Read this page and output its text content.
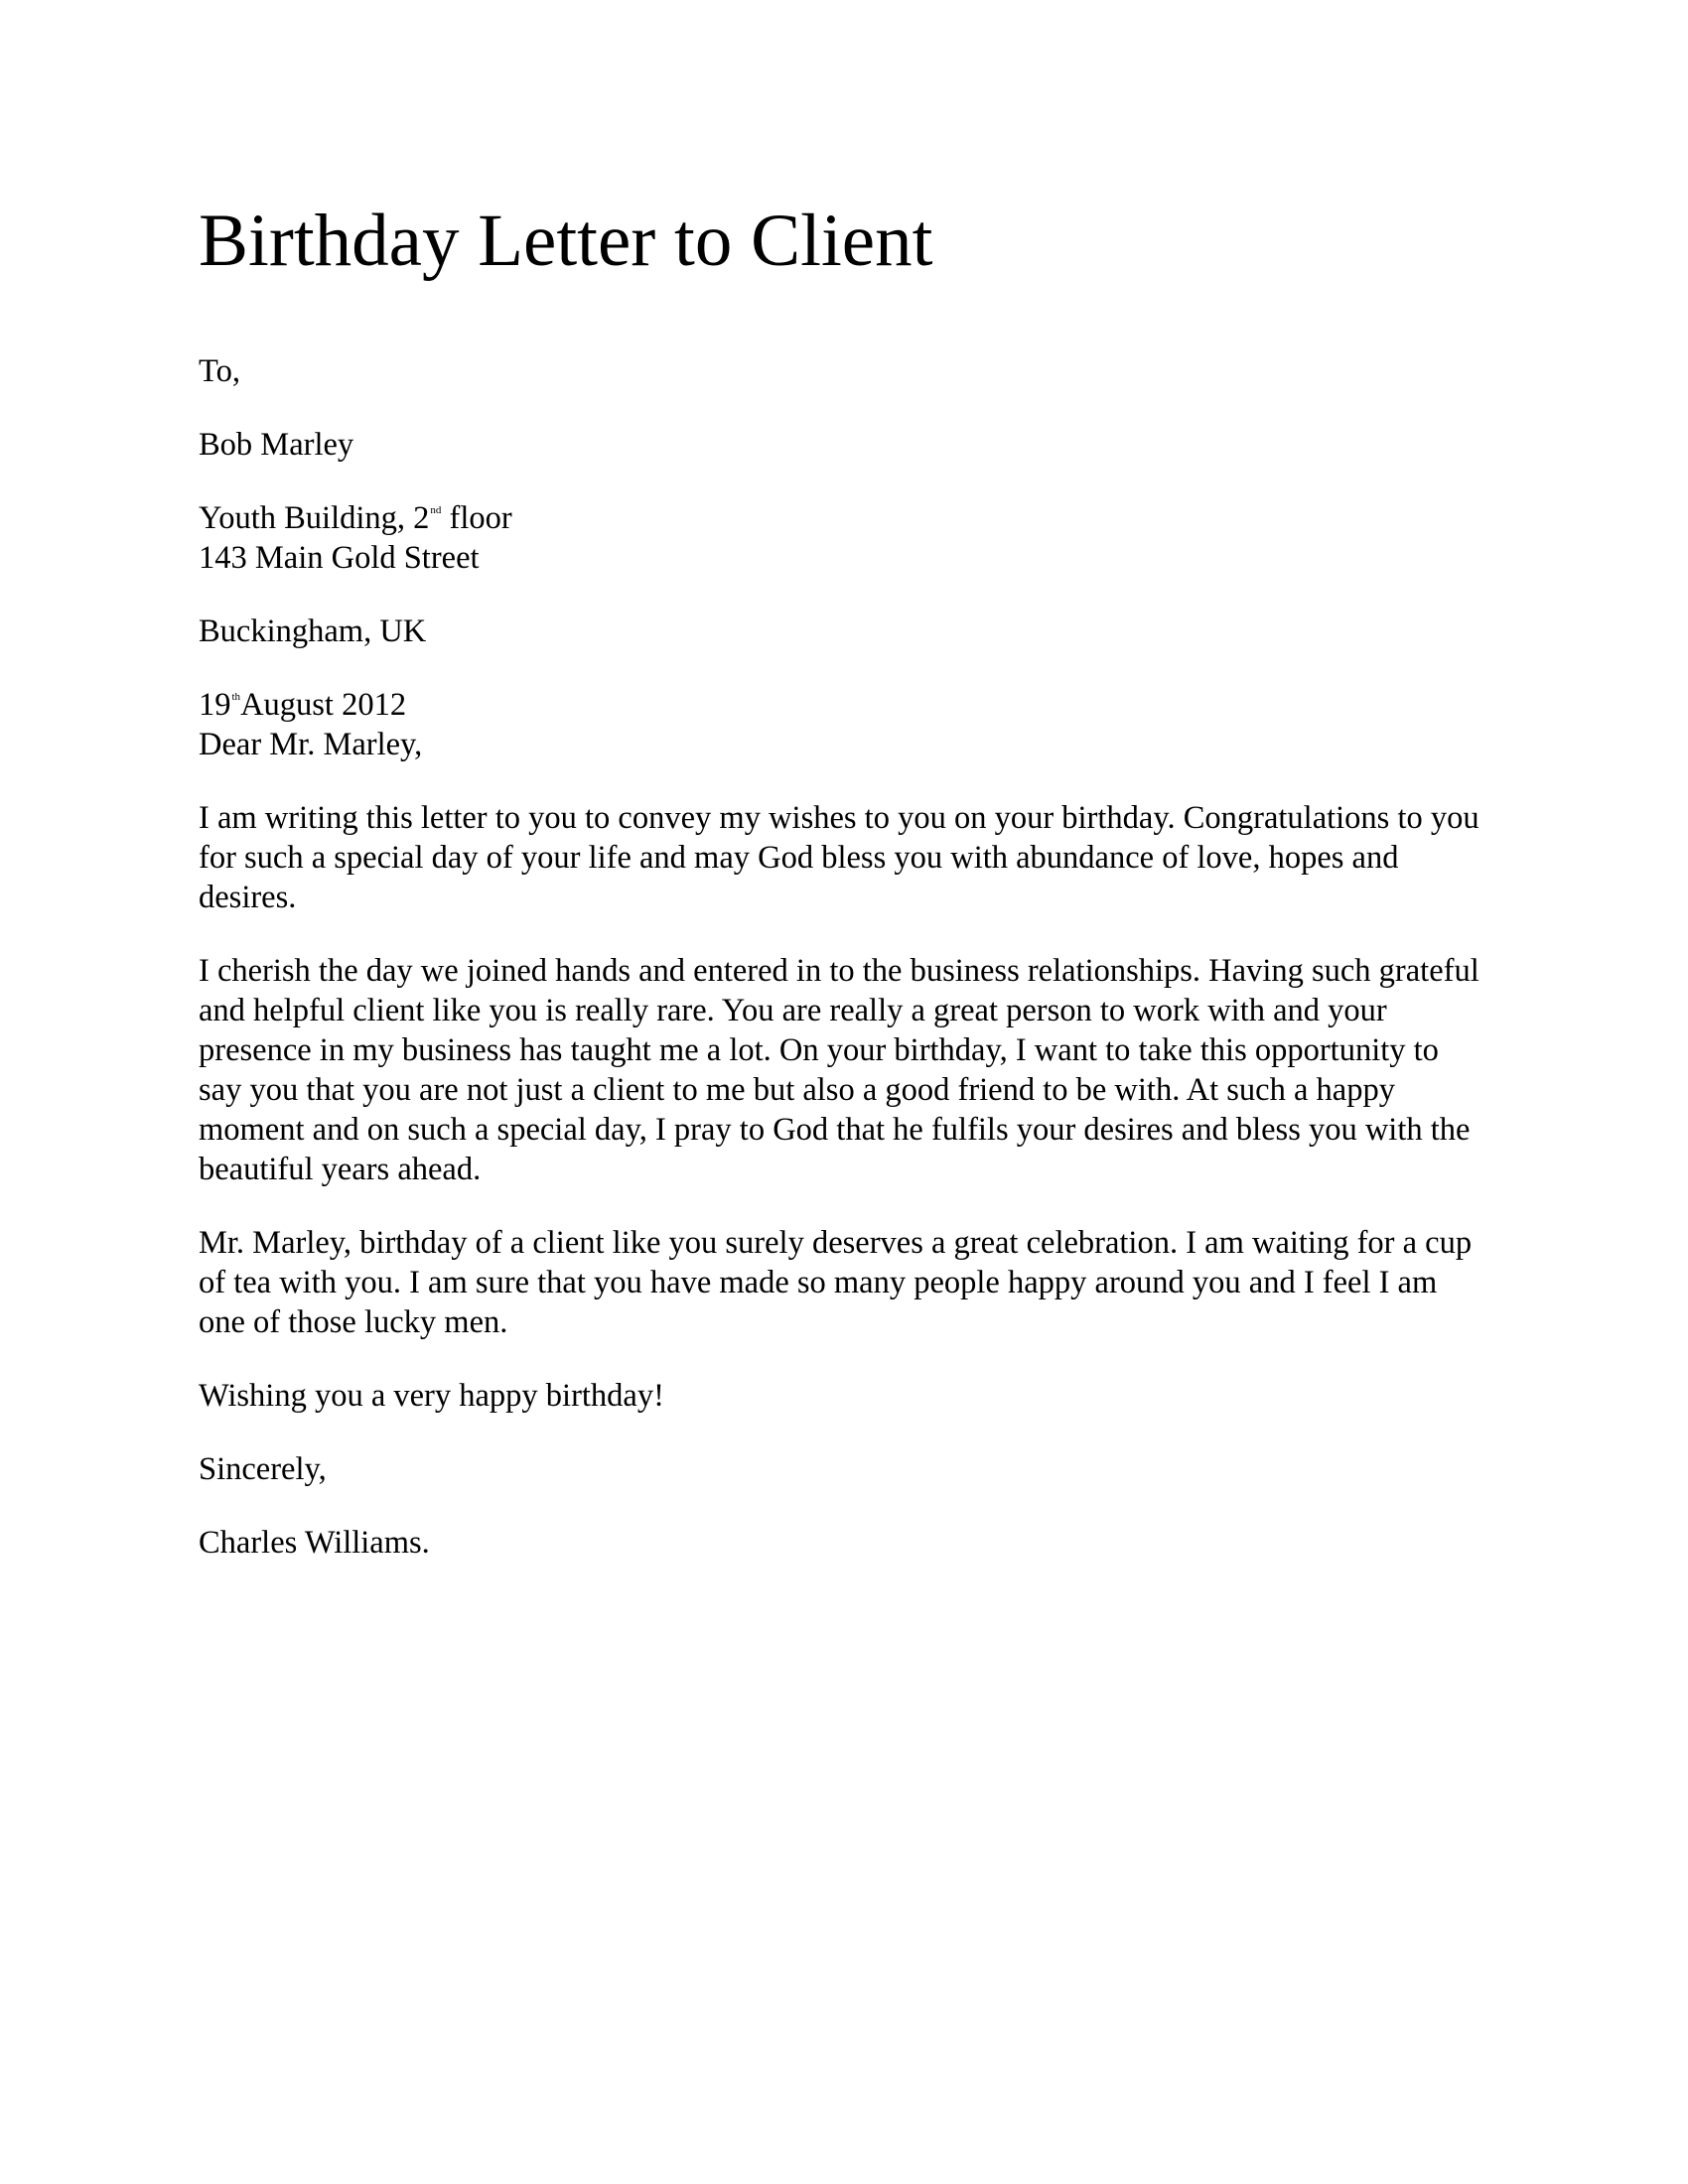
Birthday Letter to Client

To,

Bob Marley

Youth Building, 2nd floor

143 Main Gold Street

Buckingham, UK

19thAugust 2012

Dear Mr. Marley,

I am writing this letter to you to convey my wishes to you on your birthday. Congratulations to you for such a special day of your life and may God bless you with abundance of love, hopes and desires.

I cherish the day we joined hands and entered in to the business relationships. Having such grateful and helpful client like you is really rare. You are really a great person to work with and your presence in my business has taught me a lot. On your birthday, I want to take this opportunity to say you that you are not just a client to me but also a good friend to be with. At such a happy moment and on such a special day, I pray to God that he fulfils your desires and bless you with the beautiful years ahead.

Mr. Marley, birthday of a client like you surely deserves a great celebration. I am waiting for a cup of tea with you. I am sure that you have made so many people happy around you and I feel I am one of those lucky men.

Wishing you a very happy birthday!

Sincerely,

Charles Williams.
